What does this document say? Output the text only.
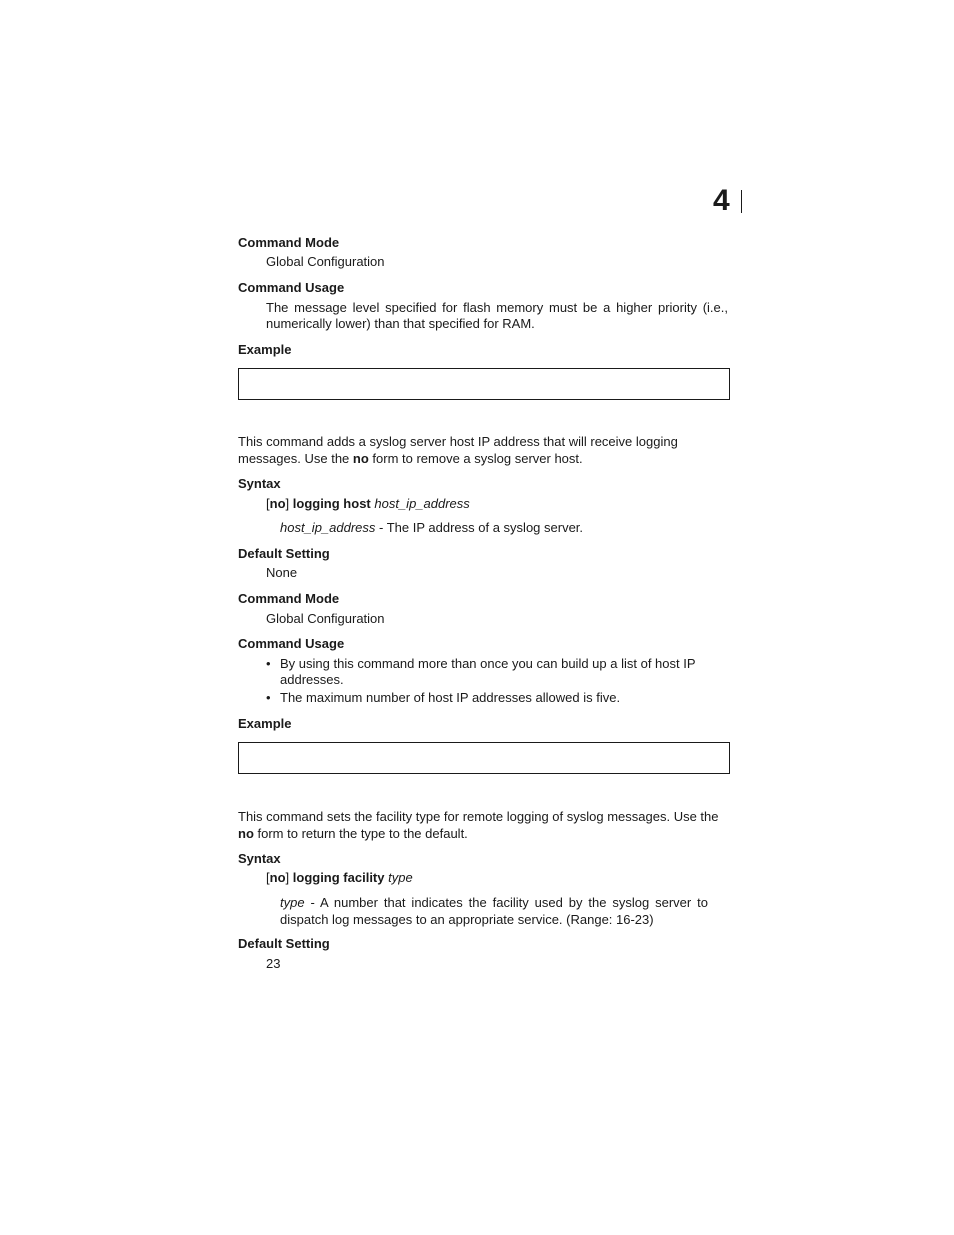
4
Command Mode
Global Configuration
Command Usage
The message level specified for flash memory must be a higher priority (i.e., numerically lower) than that specified for RAM.
Example
This command adds a syslog server host IP address that will receive logging messages. Use the no form to remove a syslog server host.
Syntax
[no] logging host host_ip_address
host_ip_address - The IP address of a syslog server.
Default Setting
None
Command Mode
Global Configuration
Command Usage
• By using this command more than once you can build up a list of host IP addresses.
• The maximum number of host IP addresses allowed is five.
Example
This command sets the facility type for remote logging of syslog messages. Use the no form to return the type to the default.
Syntax
[no] logging facility type
type - A number that indicates the facility used by the syslog server to dispatch log messages to an appropriate service. (Range: 16-23)
Default Setting
23
